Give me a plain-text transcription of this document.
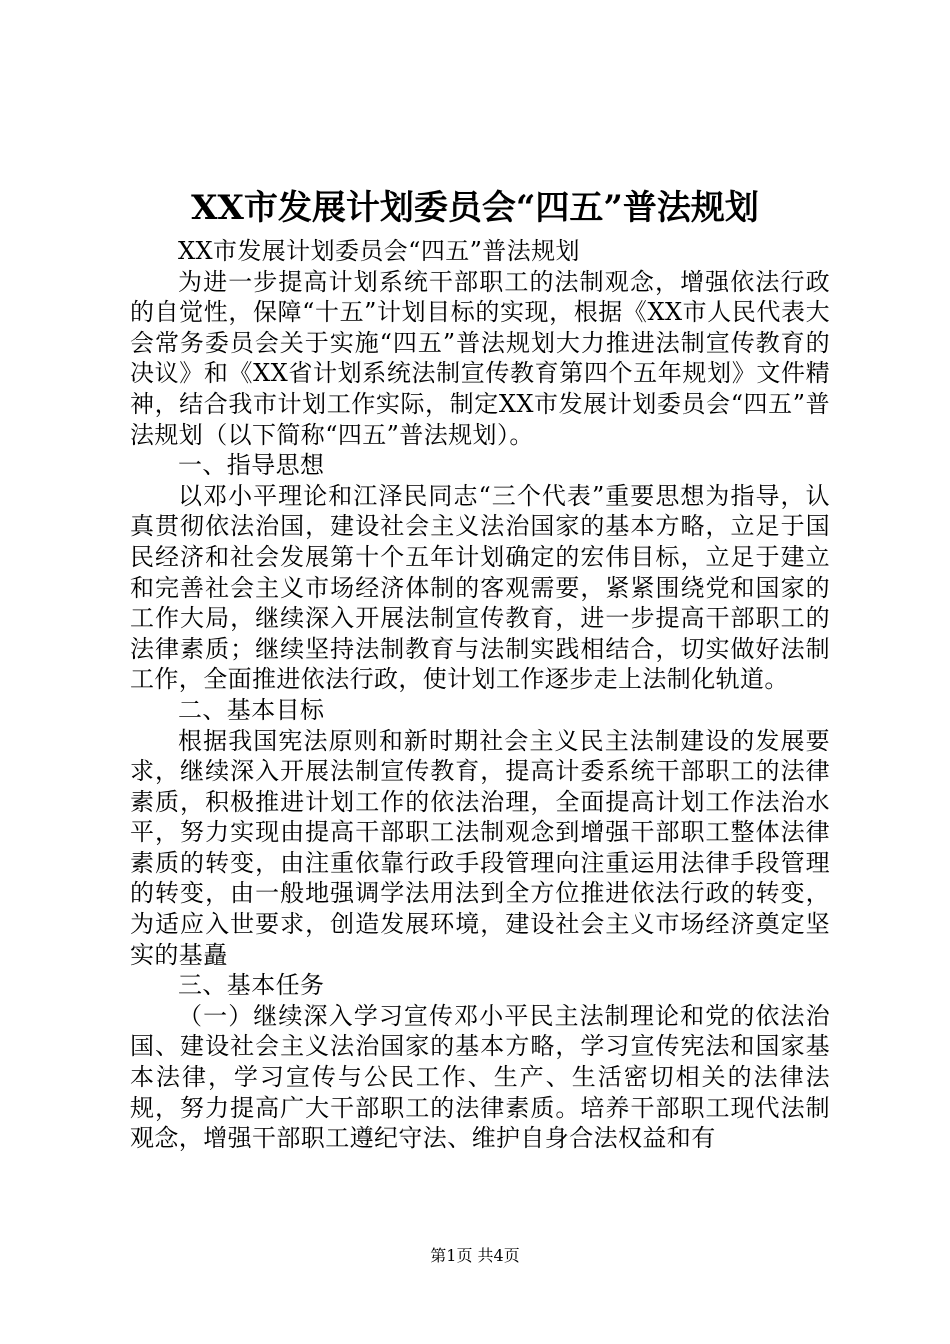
XX市发展计划委员会“四五”普法规划

XX市发展计划委员会“四五”普法规划

为进一步提高计划系统干部职工的法制观念，增强依法行政的自觉性，保障“十五”计划目标的实现，根据《XX市人民代表大会常务委员会关于实施“四五”普法规划大力推进法制宣传教育的决议》和《XX省计划系统法制宣传教育第四个五年规划》文件精神，结合我市计划工作实际，制定XX市发展计划委员会“四五”普法规划（以下简称“四五”普法规划）。

一、指导思想

以邓小平理论和江泽民同志“三个代表”重要思想为指导，认真贯彻依法治国，建设社会主义法治国家的基本方略，立足于国民经济和社会发展第十个五年计划确定的宏伟目标，立足于建立和完善社会主义市场经济体制的客观需要，紧紧围绕党和国家的工作大局，继续深入开展法制宣传教育，进一步提高干部职工的法律素质；继续坚持法制教育与法制实践相结合，切实做好法制工作，全面推进依法行政，使计划工作逐步走上法制化轨道。

二、基本目标

根据我国宪法原则和新时期社会主义民主法制建设的发展要求，继续深入开展法制宣传教育，提高计委系统干部职工的法律素质，积极推进计划工作的依法治理，全面提高计划工作法治水平，努力实现由提高干部职工法制观念到增强干部职工整体法律素质的转变，由注重依靠行政手段管理向注重运用法律手段管理的转变，由一般地强调学法用法到全方位推进依法行政的转变，为适应入世要求，创造发展环境，建设社会主义市场经济奠定坚实的基矗

三、基本任务

（一）继续深入学习宣传邓小平民主法制理论和党的依法治国、建设社会主义法治国家的基本方略，学习宣传宪法和国家基本法律，学习宣传与公民工作、生产、生活密切相关的法律法规，努力提高广大干部职工的法律素质。培养干部职工现代法制观念，增强干部职工遵纪守法、维护自身合法权益和有

第1页 共4页
